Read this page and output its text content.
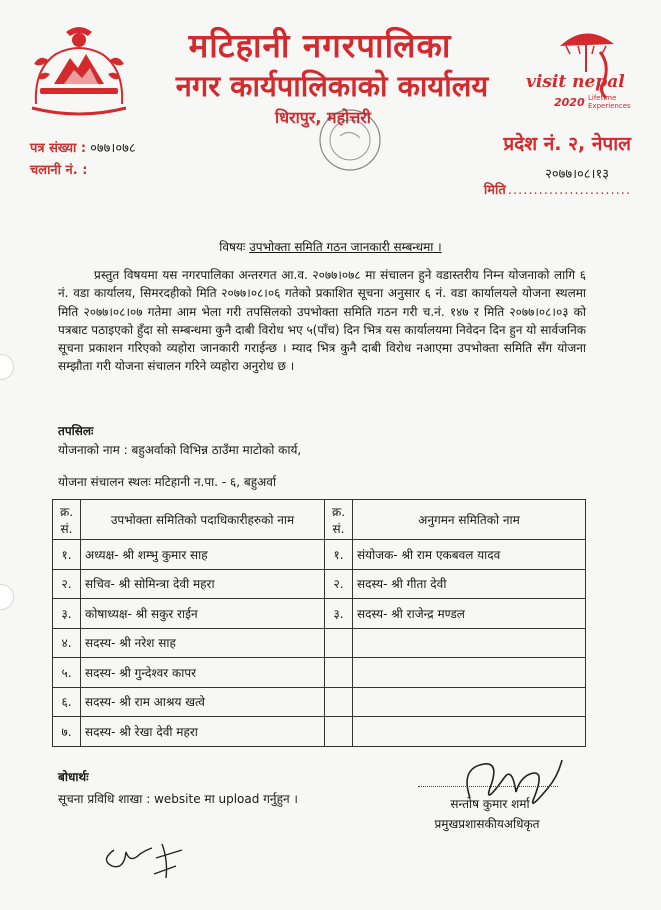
मटिहानी नगरपालिका
नगर कार्यपालिकाको कार्यालय
धिरापुर, महोत्तरी
visit nepal
2020 Lifetime
Experiences
पत्र संख्या : ०७७।०७८
चलानी नं. :
प्रदेश नं. २, नेपाल
२०७७।०८।१३
मिति ........................
विषयः उपभोक्ता समिति गठन जानकारी सम्बन्धमा ।
प्रस्तुत विषयमा यस नगरपालिका अन्तरगत आ.व. २०७७।०७८ मा संचालन हुने वडास्तरीय निम्न योजनाको लागि ६ नं. वडा कार्यालय, सिमरदहीको मिति २०७७।०८।०६ गतेको प्रकाशित सूचना अनुसार ६ नं. वडा कार्यालयले योजना स्थलमा मिति २०७७।०८।०७ गतेमा आम भेला गरी तपसिलको उपभोक्ता समिति गठन गरी च.नं. १४७ र मिति २०७७।०८।०३ को पत्रबाट पठाइएको हुँदा सो सम्बन्धमा कुनै दाबी विरोध भए ५(पाँच) दिन भित्र यस कार्यालयमा निवेदन दिन हुन यो सार्वजनिक सूचना प्रकाशन गरिएको व्यहोरा जानकारी गराईन्छ । म्याद भित्र कुनै दाबी विरोध नआएमा उपभोक्ता समिति सँग योजना सम्झौता गरी योजना संचालन गरिने व्यहोरा अनुरोध छ ।
तपसिलः
योजनाको नाम : बहुअर्वाको विभिन्न ठाउँमा माटोको कार्य,
योजना संचालन स्थलः मटिहानी न.पा. - ६, बहुअर्वा
क्र. सं.	उपभोक्ता समितिको पदाधिकारीहरुको नाम	क्र. सं.	अनुगमन समितिको नाम
१.	अध्यक्ष- श्री शम्भु कुमार साह	१.	संयोजक- श्री राम एकबवल यादव
२.	सचिव- श्री सोमिन्त्रा देवी महरा	२.	सदस्य- श्री गीता देवी
३.	कोषाध्यक्ष- श्री सकुर राईन	३.	सदस्य- श्री राजेन्द्र मण्डल
४.	सदस्य- श्री नरेश साह		
५.	सदस्य- श्री गुन्देश्वर कापर		
६.	सदस्य- श्री राम आश्रय खत्वे		
७.	सदस्य- श्री रेखा देवी महरा		
बोधार्थः
सूचना प्रविधि शाखा : website मा upload गर्नुहुन ।	सन्तोष कुमार शर्मा
प्रमुखप्रशासकीयअधिकृत
